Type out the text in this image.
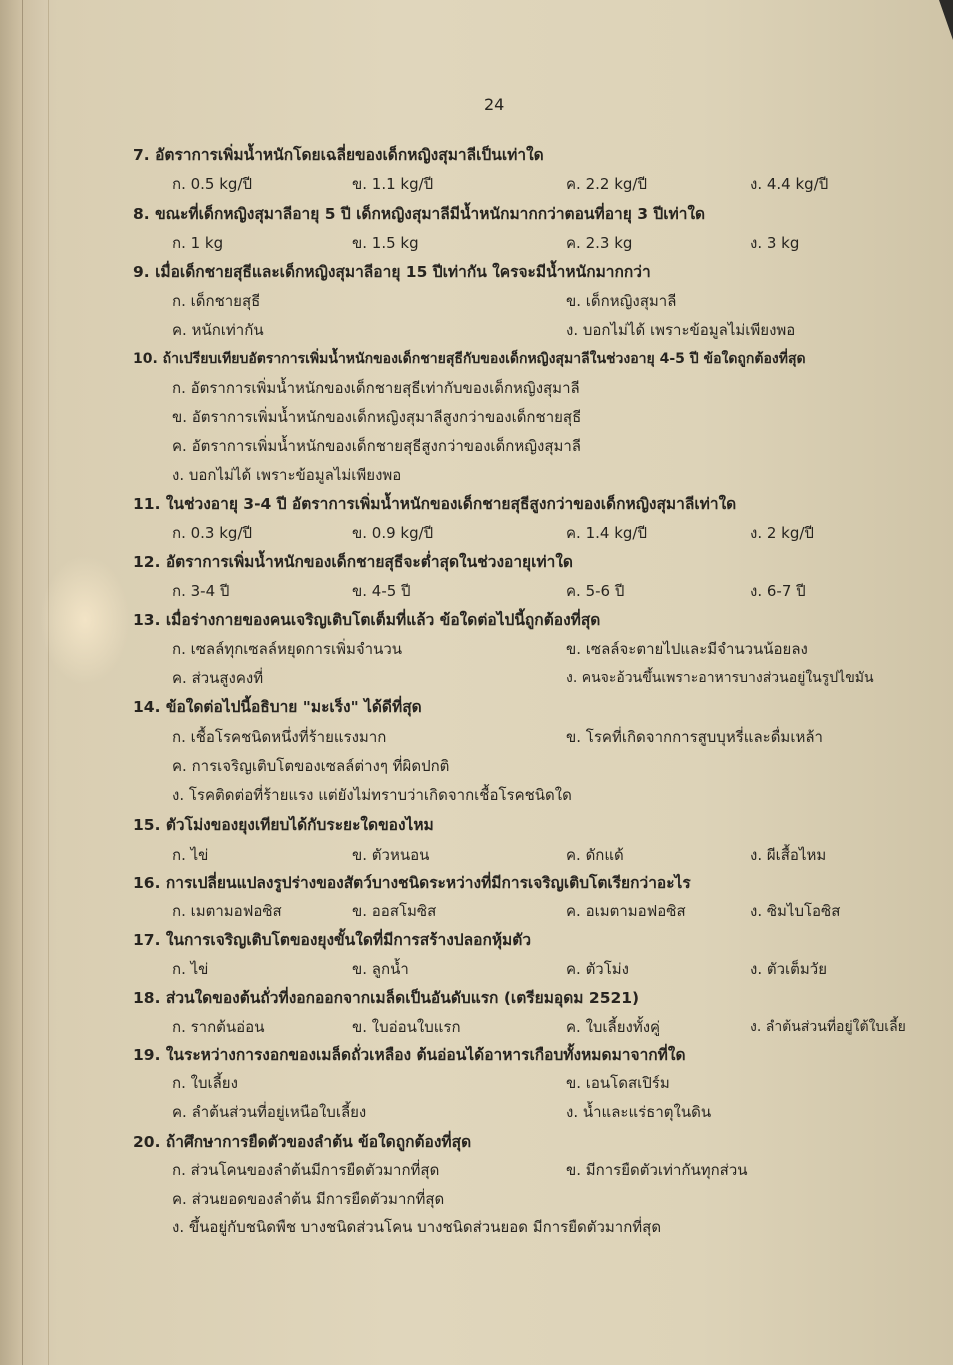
24
7. อัตราการเพิ่มน้ำหนักโดยเฉลี่ยของเด็กหญิงสุมาลีเป็นเท่าใด
ก. 0.5 kg/ปี	ข. 1.1 kg/ปี	ค. 2.2 kg/ปี	ง. 4.4 kg/ปี
8. ขณะที่เด็กหญิงสุมาลีอายุ 5 ปี เด็กหญิงสุมาลีมีน้ำหนักมากกว่าตอนที่อายุ 3 ปีเท่าใด
ก. 1 kg	ข. 1.5 kg	ค. 2.3 kg	ง. 3 kg
9. เมื่อเด็กชายสุธีและเด็กหญิงสุมาลีอายุ 15 ปีเท่ากัน ใครจะมีน้ำหนักมากกว่า
ก. เด็กชายสุธี	ข. เด็กหญิงสุมาลี
ค. หนักเท่ากัน	ง. บอกไม่ได้ เพราะข้อมูลไม่เพียงพอ
10. ถ้าเปรียบเทียบอัตราการเพิ่มน้ำหนักของเด็กชายสุธีกับของเด็กหญิงสุมาลีในช่วงอายุ 4-5 ปี ข้อใดถูกต้องที่สุด
ก. อัตราการเพิ่มน้ำหนักของเด็กชายสุธีเท่ากับของเด็กหญิงสุมาลี
ข. อัตราการเพิ่มน้ำหนักของเด็กหญิงสุมาลีสูงกว่าของเด็กชายสุธี
ค. อัตราการเพิ่มน้ำหนักของเด็กชายสุธีสูงกว่าของเด็กหญิงสุมาลี
ง. บอกไม่ได้ เพราะข้อมูลไม่เพียงพอ
11. ในช่วงอายุ 3-4 ปี อัตราการเพิ่มน้ำหนักของเด็กชายสุธีสูงกว่าของเด็กหญิงสุมาลีเท่าใด
ก. 0.3 kg/ปี	ข. 0.9 kg/ปี	ค. 1.4 kg/ปี	ง. 2 kg/ปี
12. อัตราการเพิ่มน้ำหนักของเด็กชายสุธีจะต่ำสุดในช่วงอายุเท่าใด
ก. 3-4 ปี	ข. 4-5 ปี	ค. 5-6 ปี	ง. 6-7 ปี
13. เมื่อร่างกายของคนเจริญเติบโตเต็มที่แล้ว ข้อใดต่อไปนี้ถูกต้องที่สุด
ก. เซลล์ทุกเซลล์หยุดการเพิ่มจำนวน	ข. เซลล์จะตายไปและมีจำนวนน้อยลง
ค. ส่วนสูงคงที่	ง. คนจะอ้วนขึ้นเพราะอาหารบางส่วนอยู่ในรูปไขมัน
14. ข้อใดต่อไปนี้อธิบาย "มะเร็ง" ได้ดีที่สุด
ก. เชื้อโรคชนิดหนึ่งที่ร้ายแรงมาก	ข. โรคที่เกิดจากการสูบบุหรี่และดื่มเหล้า
ค. การเจริญเติบโตของเซลล์ต่างๆ ที่ผิดปกติ
ง. โรคติดต่อที่ร้ายแรง แต่ยังไม่ทราบว่าเกิดจากเชื้อโรคชนิดใด
15. ตัวโม่งของยุงเทียบได้กับระยะใดของไหม
ก. ไข่	ข. ตัวหนอน	ค. ดักแด้	ง. ผีเสื้อไหม
16. การเปลี่ยนแปลงรูปร่างของสัตว์บางชนิดระหว่างที่มีการเจริญเติบโตเรียกว่าอะไร
ก. เมตามอฟอซิส	ข. ออสโมซิส	ค. อเมตามอฟอซิส	ง. ซิมไบโอซิส
17. ในการเจริญเติบโตของยุงขั้นใดที่มีการสร้างปลอกหุ้มตัว
ก. ไข่	ข. ลูกน้ำ	ค. ตัวโม่ง	ง. ตัวเต็มวัย
18. ส่วนใดของต้นถั่วที่งอกออกจากเมล็ดเป็นอันดับแรก (เตรียมอุดม 2521)
ก. รากต้นอ่อน	ข. ใบอ่อนใบแรก	ค. ใบเลี้ยงทั้งคู่	ง. ลำต้นส่วนที่อยู่ใต้ใบเลี้ย
19. ในระหว่างการงอกของเมล็ดถั่วเหลือง ต้นอ่อนได้อาหารเกือบทั้งหมดมาจากที่ใด
ก. ใบเลี้ยง	ข. เอนโดสเปิร์ม
ค. ลำต้นส่วนที่อยู่เหนือใบเลี้ยง	ง. น้ำและแร่ธาตุในดิน
20. ถ้าศึกษาการยืดตัวของลำต้น ข้อใดถูกต้องที่สุด
ก. ส่วนโคนของลำต้นมีการยืดตัวมากที่สุด	ข. มีการยืดตัวเท่ากันทุกส่วน
ค. ส่วนยอดของลำต้น มีการยืดตัวมากที่สุด
ง. ขึ้นอยู่กับชนิดพืช บางชนิดส่วนโคน บางชนิดส่วนยอด มีการยืดตัวมากที่สุด
